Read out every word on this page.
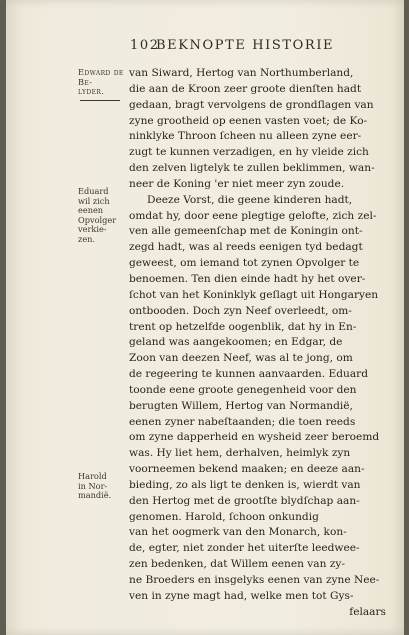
102
BEKNOPTE HISTORIE
Edward de Be-
lyder.
Eduard
wil zich
eenen
Opvolger
verkie-
zen.
Harold
in Nor-
mandië.
van Siward, Hertog van Northumberland,
die aan de Kroon zeer groote dienſten hadt
gedaan, bragt vervolgens de grondſlagen van
zyne grootheid op eenen vasten voet; de Ko-
ninklyke Throon ſcheen nu alleen zyne eer-
zugt te kunnen verzadigen, en hy vleide zich
den zelven ligtelyk te zullen beklimmen, wan-
neer de Koning 'er niet meer zyn zoude.
Deeze Vorst, die geene kinderen hadt,
omdat hy, door eene plegtige gelofte, zich zel-
ven alle gemeenſchap met de Koningin ont-
zegd hadt, was al reeds eenigen tyd bedagt
geweest, om iemand tot zynen Opvolger te
benoemen. Ten dien einde hadt hy het over-
ſchot van het Koninklyk geſlagt uit Hongaryen
ontbooden. Doch zyn Neef overleedt, om-
trent op hetzelfde oogenblik, dat hy in En-
geland was aangekoomen; en Edgar, de
Zoon van deezen Neef, was al te jong, om
de regeering te kunnen aanvaarden. Eduard
toonde eene groote genegenheid voor den
berugten Willem, Hertog van Normandië,
eenen zyner nabeſtaanden; die toen reeds
om zyne dapperheid en wysheid zeer beroemd
was. Hy liet hem, derhalven, heimlyk zyn
voorneemen bekend maaken; en deeze aan-
bieding, zo als ligt te denken is, wierdt van
den Hertog met de grootſte blydſchap aan-
genomen. Harold, ſchoon onkundig
van het oogmerk van den Monarch, kon-
de, egter, niet zonder het uiterſte leedwee-
zen bedenken, dat Willem eenen van zy-
ne Broeders en insgelyks eenen van zyne Nee-
ven in zyne magt had, welke men tot Gys-
felaars
